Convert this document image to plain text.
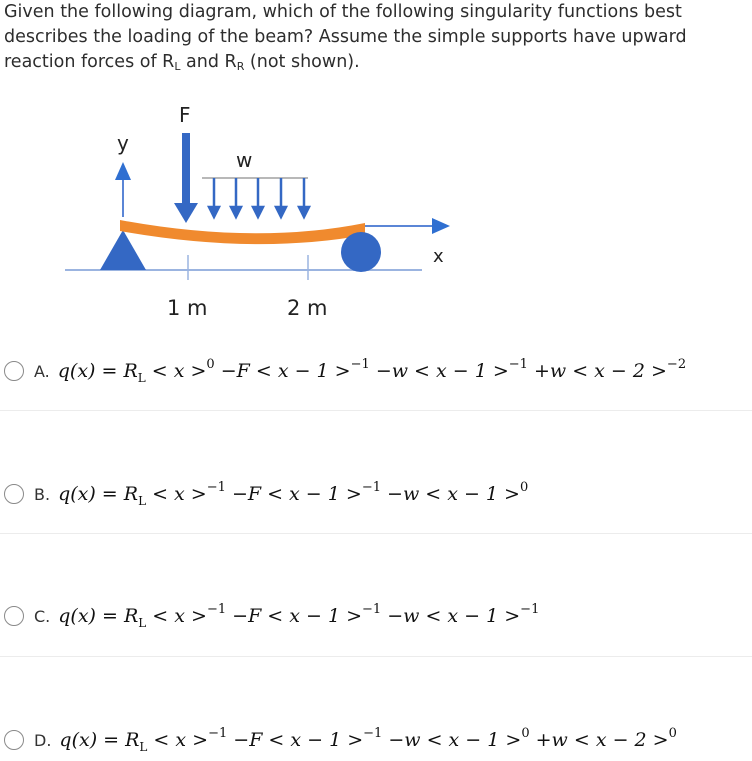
Given the following diagram, which of the following singularity functions best describes the loading of the beam? Assume the simple supports have upward reaction forces of $R_L$ and $R_R$ (not shown).
y
x
F
w
1 m	2 m
A. $q(x) = R_L < x >^0 -F < x - 1 >^{-1} -w < x - 1 >^{-1} +w < x - 2 >^{-2}$
B. $q(x) = R_L < x >^{-1} -F < x - 1 >^{-1} -w < x - 1 >^0$
C. $q(x) = R_L < x >^{-1} -F < x - 1 >^{-1} -w < x - 1 >^{-1}$
D. $q(x) = R_L < x >^{-1} -F < x - 1 >^{-1} -w < x - 1 >^0 +w < x - 2 >^0$
